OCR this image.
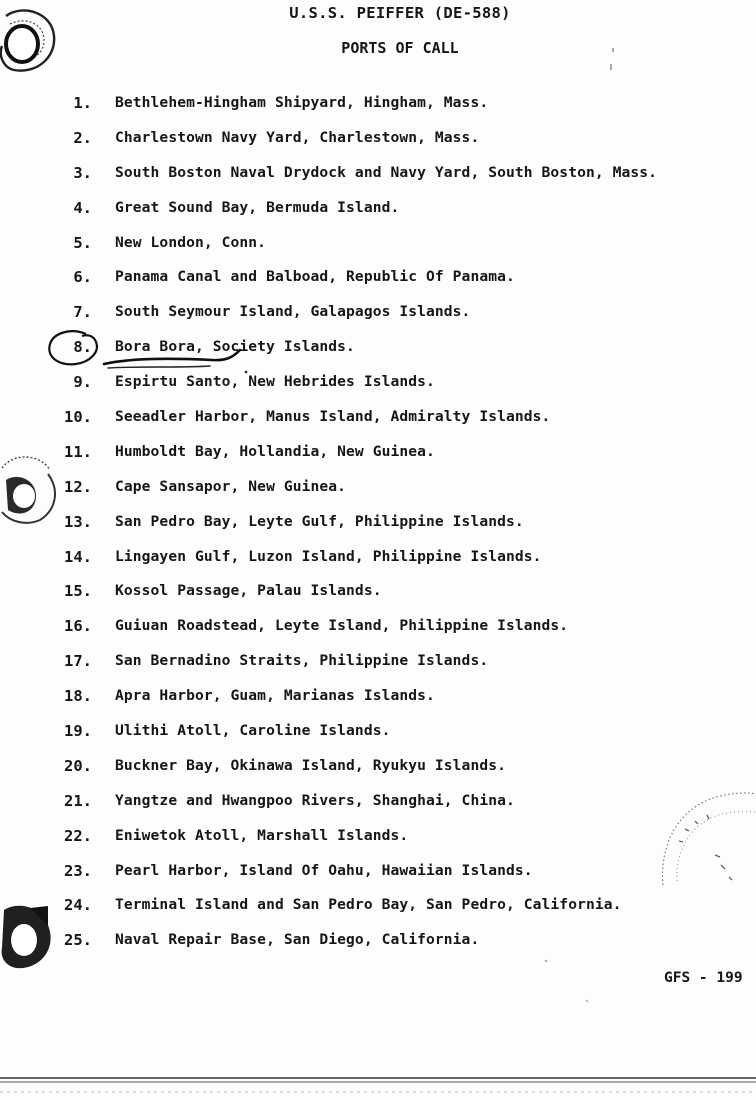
U.S.S. PEIFFER (DE-588)
PORTS OF CALL
1. Bethlehem-Hingham Shipyard, Hingham, Mass.
2. Charlestown Navy Yard, Charlestown, Mass.
3. South Boston Naval Drydock and Navy Yard, South Boston, Mass.
4. Great Sound Bay, Bermuda Island.
5. New London, Conn.
6. Panama Canal and Balboad, Republic Of Panama.
7. South Seymour Island, Galapagos Islands.
8. Bora Bora, Society Islands.
9. Espirtu Santo, New Hebrides Islands.
10. Seeadler Harbor, Manus Island, Admiralty Islands.
11. Humboldt Bay, Hollandia, New Guinea.
12. Cape Sansapor, New Guinea.
13. San Pedro Bay, Leyte Gulf, Philippine Islands.
14. Lingayen Gulf, Luzon Island, Philippine Islands.
15. Kossol Passage, Palau Islands.
16. Guiuan Roadstead, Leyte Island, Philippine Islands.
17. San Bernadino Straits, Philippine Islands.
18. Apra Harbor, Guam, Marianas Islands.
19. Ulithi Atoll, Caroline Islands.
20. Buckner Bay, Okinawa Island, Ryukyu Islands.
21. Yangtze and Hwangpoo Rivers, Shanghai, China.
22. Eniwetok Atoll, Marshall Islands.
23. Pearl Harbor, Island Of Oahu, Hawaiian Islands.
24. Terminal Island and San Pedro Bay, San Pedro, California.
25. Naval Repair Base, San Diego, California.
GFS - 199
